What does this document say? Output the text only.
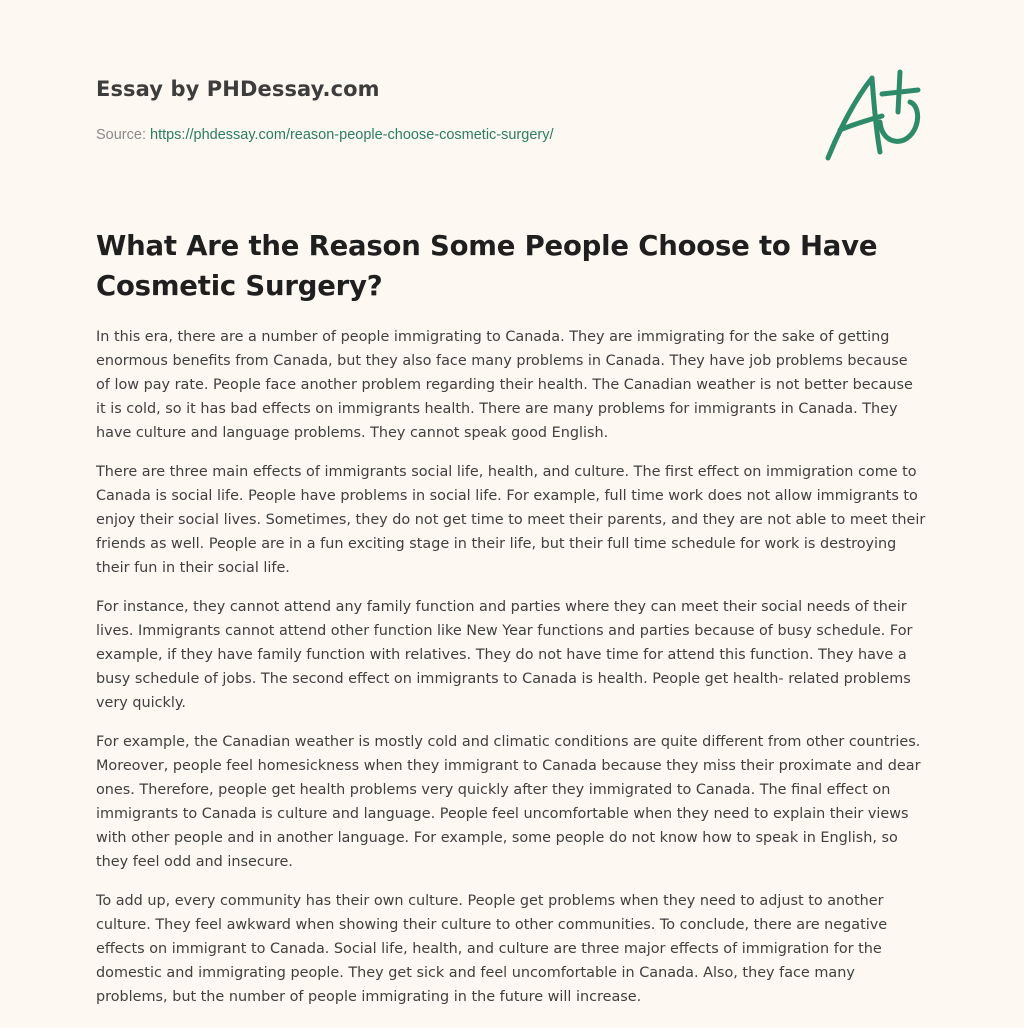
Essay by PHDessay.com
Source: https://phdessay.com/reason-people-choose-cosmetic-surgery/
What Are the Reason Some People Choose to Have Cosmetic Surgery?

In this era, there are a number of people immigrating to Canada. They are immigrating for the sake of getting enormous benefits from Canada, but they also face many problems in Canada. They have job problems because of low pay rate. People face another problem regarding their health. The Canadian weather is not better because it is cold, so it has bad effects on immigrants health. There are many problems for immigrants in Canada. They have culture and language problems. They cannot speak good English.

There are three main effects of immigrants social life, health, and culture. The first effect on immigration come to Canada is social life. People have problems in social life. For example, full time work does not allow immigrants to enjoy their social lives. Sometimes, they do not get time to meet their parents, and they are not able to meet their friends as well. People are in a fun exciting stage in their life, but their full time schedule for work is destroying their fun in their social life.

For instance, they cannot attend any family function and parties where they can meet their social needs of their lives. Immigrants cannot attend other function like New Year functions and parties because of busy schedule. For example, if they have family function with relatives. They do not have time for attend this function. They have a busy schedule of jobs. The second effect on immigrants to Canada is health. People get health- related problems very quickly.

For example, the Canadian weather is mostly cold and climatic conditions are quite different from other countries. Moreover, people feel homesickness when they immigrant to Canada because they miss their proximate and dear ones. Therefore, people get health problems very quickly after they immigrated to Canada. The final effect on immigrants to Canada is culture and language. People feel uncomfortable when they need to explain their views with other people and in another language. For example, some people do not know how to speak in English, so they feel odd and insecure.

To add up, every community has their own culture. People get problems when they need to adjust to another culture. They feel awkward when showing their culture to other communities. To conclude, there are negative effects on immigrant to Canada. Social life, health, and culture are three major effects of immigration for the domestic and immigrating people. They get sick and feel uncomfortable in Canada. Also, they face many problems, but the number of people immigrating in the future will increase.
